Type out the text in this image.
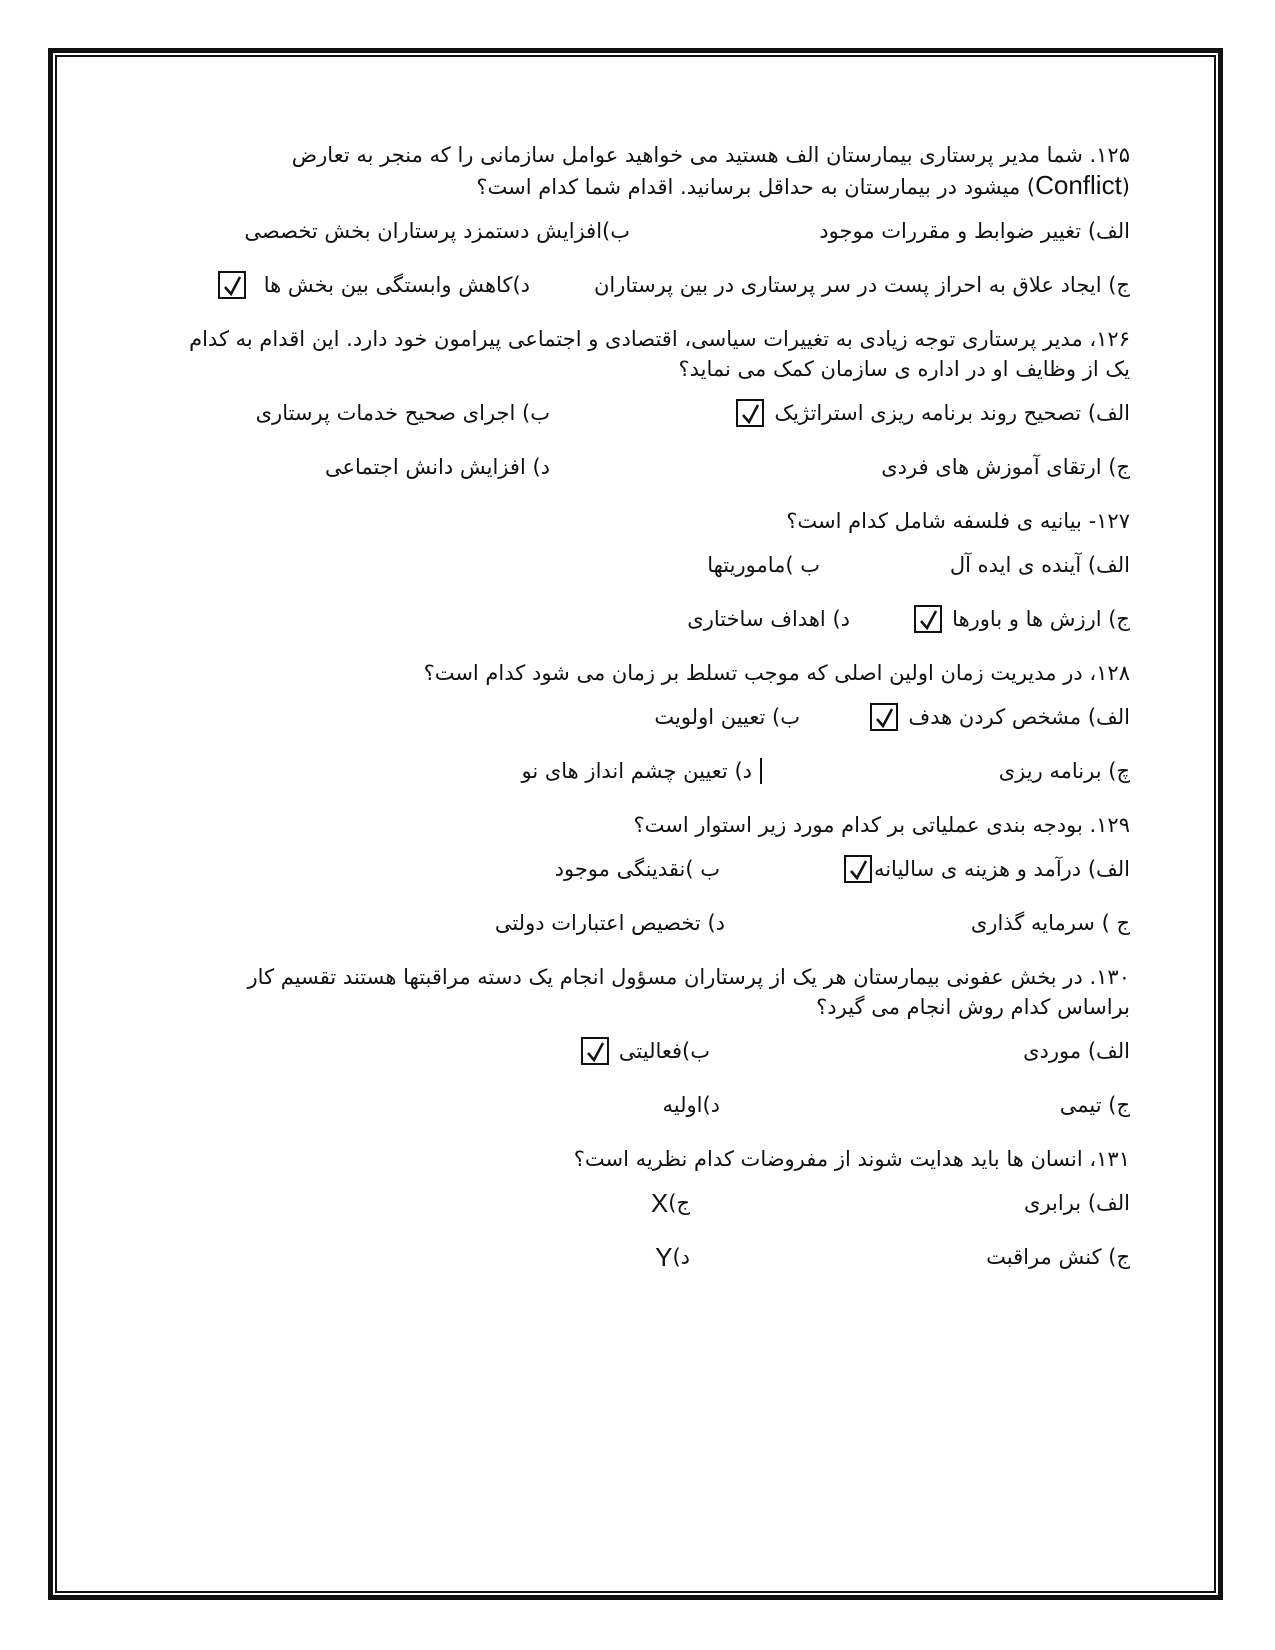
۱۲۵. شما مدیر پرستاری بیمارستان الف هستید می خواهید عوامل سازمانی را که منجر به تعارض
(Conflict) میشود در بیمارستان به حداقل برسانید. اقدام شما کدام است؟
الف) تغییر ضوابط و مقررات موجود
ب)افزایش دستمزد پرستاران بخش تخصصی
ج) ایجاد علاق به احراز پست در سر پرستاری در بین پرستاران
د)کاهش وابستگی بین بخش ها
۱۲۶، مدیر پرستاری توجه زیادی به تغییرات سیاسی، اقتصادی و اجتماعی پیرامون خود دارد. این اقدام به کدام
یک از وظایف او در اداره ی سازمان کمک می نماید؟
الف) تصحیح روند برنامه ریزی استراتژیک
ب) اجرای صحیح خدمات پرستاری
ج) ارتقای آموزش های فردی
د) افزایش دانش اجتماعی
۱۲۷- بیانیه ی فلسفه شامل کدام است؟
الف) آینده ی ایده آل
ب )ماموریتها
ج) ارزش ها و باورها
د) اهداف ساختاری
۱۲۸، در مدیریت زمان اولین اصلی که موجب تسلط بر زمان می شود کدام است؟
الف) مشخص کردن هدف
ب) تعیین اولویت
چ) برنامه ریزی
د) تعیین چشم انداز های نو
۱۲۹. بودجه بندی عملیاتی بر کدام مورد زیر استوار است؟
الف) درآمد و هزینه ی سالیانه
ب )نقدینگی موجود
ج ) سرمایه گذاری
د) تخصیص اعتبارات دولتی
۱۳۰. در بخش عفونی بیمارستان هر یک از پرستاران مسؤول انجام یک دسته مراقبتها هستند تقسیم کار
براساس کدام روش انجام می گیرد؟
الف) موردی
ب)فعالیتی
ج) تیمی
د)اولیه
۱۳۱، انسان ها باید هدایت شوند از مفروضات کدام نظریه است؟
الف) برابری
ج)
X
ج) کنش مراقبت
د)
Y
